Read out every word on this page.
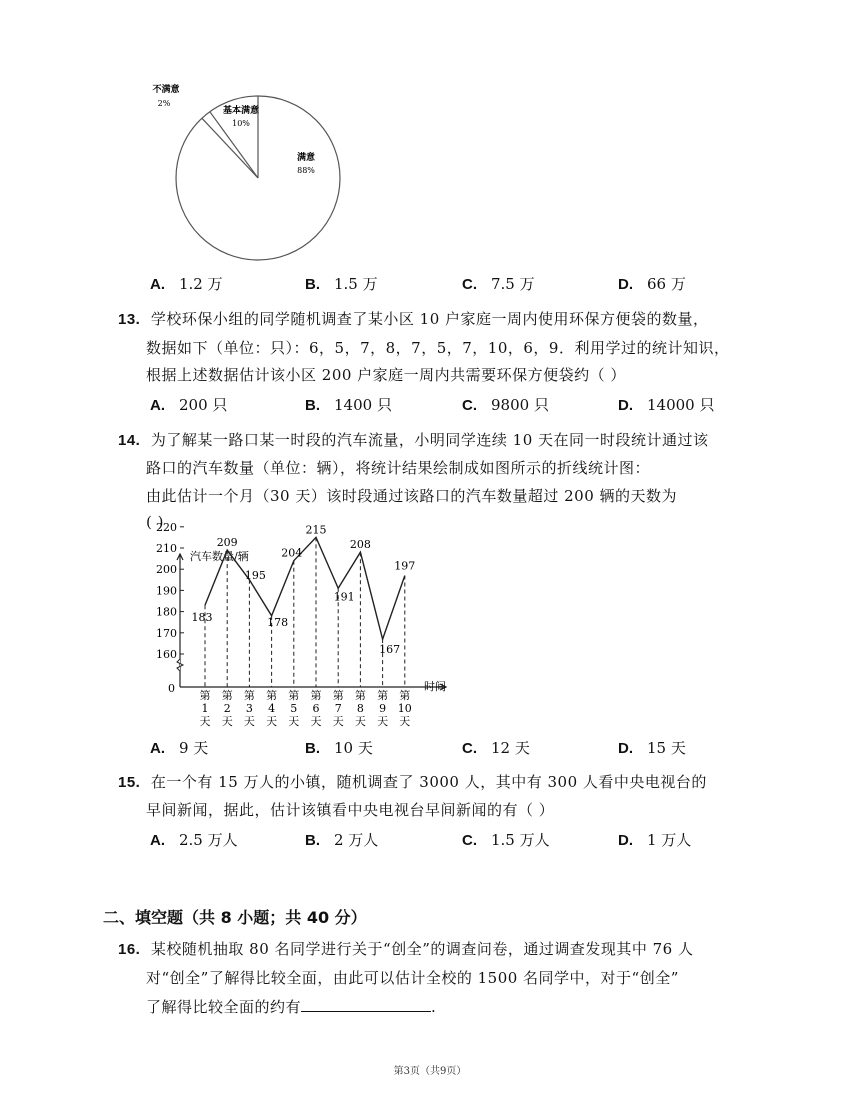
不满意
2%
基本满意
10%
满意
88%
A. 1.2 万	B. 1.5 万	C. 7.5 万	D. 66 万
13. 学校环保小组的同学随机调查了某小区 10 户家庭一周内使用环保方便袋的数量，
数据如下（单位：只）：6，5，7，8，7，5，7，10，6，9．利用学过的统计知识，
根据上述数据估计该小区 200 户家庭一周内共需要环保方便袋约（ ）
A. 200 只	B. 1400 只	C. 9800 只	D. 14000 只
14. 为了解某一路口某一时段的汽车流量，小明同学连续 10 天在同一时段统计通过该
路口的汽车数量（单位：辆），将统计结果绘制成如图所示的折线统计图：
由此估计一个月（30 天）该时段通过该路口的汽车数量超过 200 辆的天数为
( )
汽车数量/辆
时间
0
160
170
180
190
200
210
220
183
209
195
178
204
215
191
208
167
197
第
1
天
第
2
天
第
3
天
第
4
天
第
5
天
第
6
天
第
7
天
第
8
天
第
9
天
第
10
天
A. 9 天	B. 10 天	C. 12 天	D. 15 天
15. 在一个有 15 万人的小镇，随机调查了 3000 人，其中有 300 人看中央电视台的
早间新闻，据此，估计该镇看中央电视台早间新闻的有（ ）
A. 2.5 万人	B. 2 万人	C. 1.5 万人	D. 1 万人
二、填空题（共 8 小题；共 40 分）
16. 某校随机抽取 80 名同学进行关于“创全”的调查问卷，通过调查发现其中 76 人
对“创全”了解得比较全面，由此可以估计全校的 1500 名同学中，对于“创全”
了解得比较全面的约有	.
第3页（共9页）
